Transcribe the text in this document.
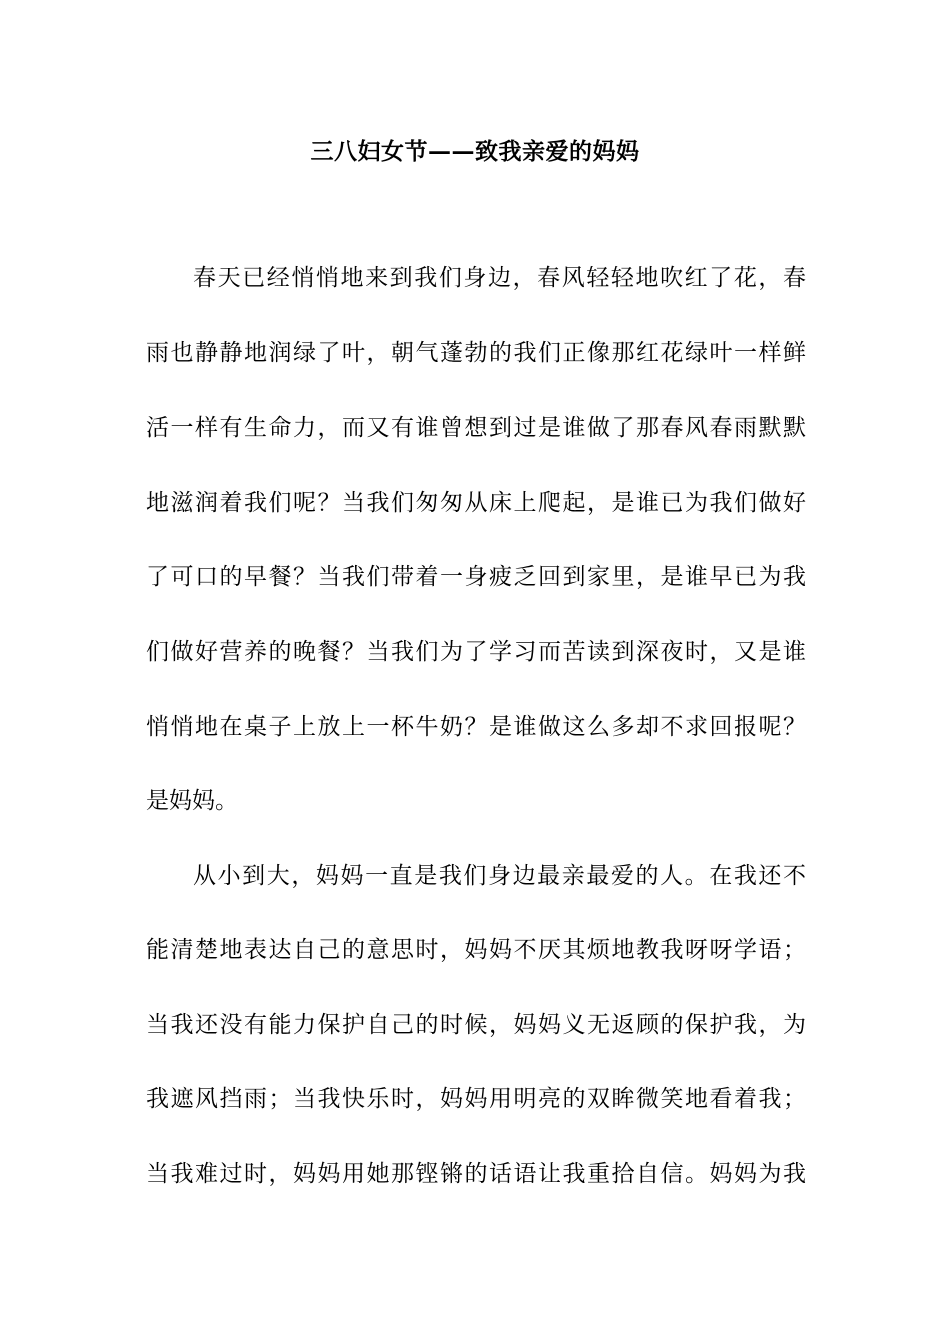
三八妇女节——致我亲爱的妈妈
春天已经悄悄地来到我们身边，春风轻轻地吹红了花，春
雨也静静地润绿了叶，朝气蓬勃的我们正像那红花绿叶一样鲜
活一样有生命力，而又有谁曾想到过是谁做了那春风春雨默默
地滋润着我们呢？当我们匆匆从床上爬起，是谁已为我们做好
了可口的早餐？当我们带着一身疲乏回到家里，是谁早已为我
们做好营养的晚餐？当我们为了学习而苦读到深夜时，又是谁
悄悄地在桌子上放上一杯牛奶？是谁做这么多却不求回报呢？
是妈妈。
从小到大，妈妈一直是我们身边最亲最爱的人。在我还不
能清楚地表达自己的意思时，妈妈不厌其烦地教我呀呀学语；
当我还没有能力保护自己的时候，妈妈义无返顾的保护我，为
我遮风挡雨；当我快乐时，妈妈用明亮的双眸微笑地看着我；
当我难过时，妈妈用她那铿锵的话语让我重拾自信。妈妈为我
